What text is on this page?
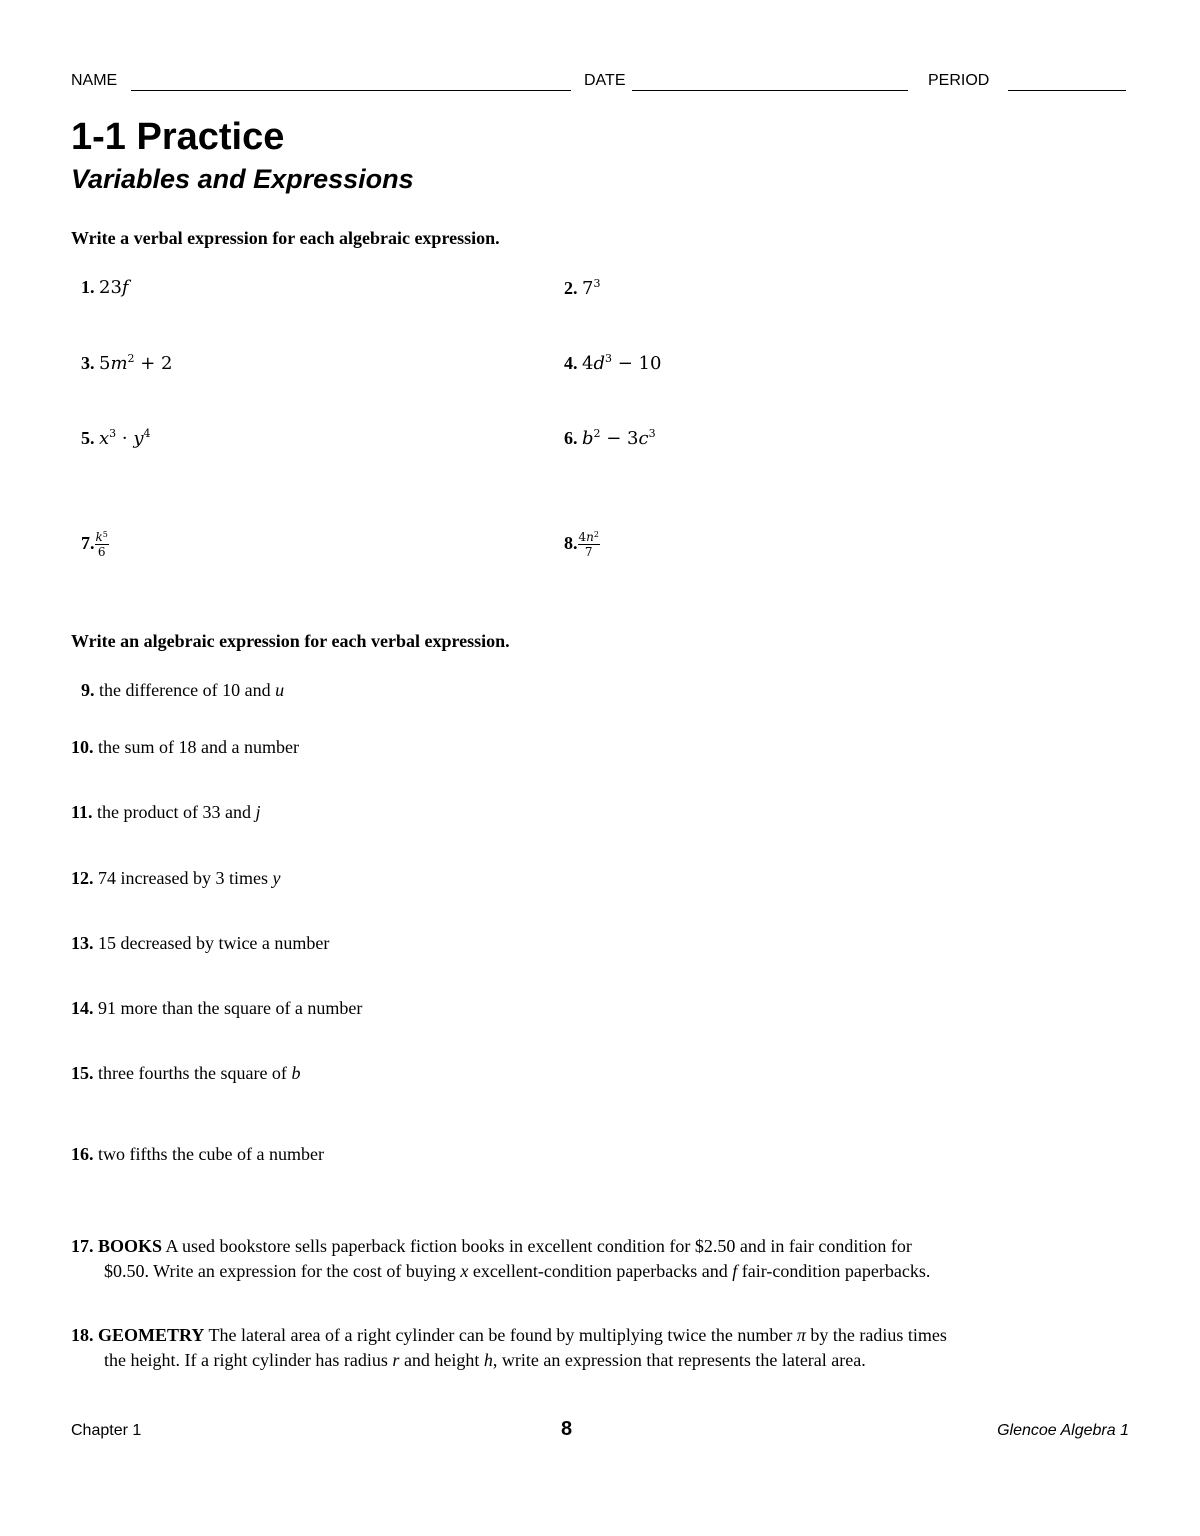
NAME	DATE	PERIOD
1-1 Practice
Variables and Expressions
Write a verbal expression for each algebraic expression.
1. 23f	2. $7^3$
3. $5m^2 + 2$	4. $4d^3 - 10$
5. $x^3 \cdot y^4$	6. $b^2 - 3c^3$
7. $\frac{k^5}{6}$	8. $\frac{4n^2}{7}$
Write an algebraic expression for each verbal expression.
9. the difference of 10 and u
10. the sum of 18 and a number
11. the product of 33 and j
12. 74 increased by 3 times y
13. 15 decreased by twice a number
14. 91 more than the square of a number
15. three fourths the square of b
16. two fifths the cube of a number
17. BOOKS A used bookstore sells paperback fiction books in excellent condition for $2.50 and in fair condition for
$0.50. Write an expression for the cost of buying x excellent-condition paperbacks and f fair-condition paperbacks.
18. GEOMETRY The lateral area of a right cylinder can be found by multiplying twice the number π by the radius times
the height. If a right cylinder has radius r and height h, write an expression that represents the lateral area.
Chapter 1	8	Glencoe Algebra 1
